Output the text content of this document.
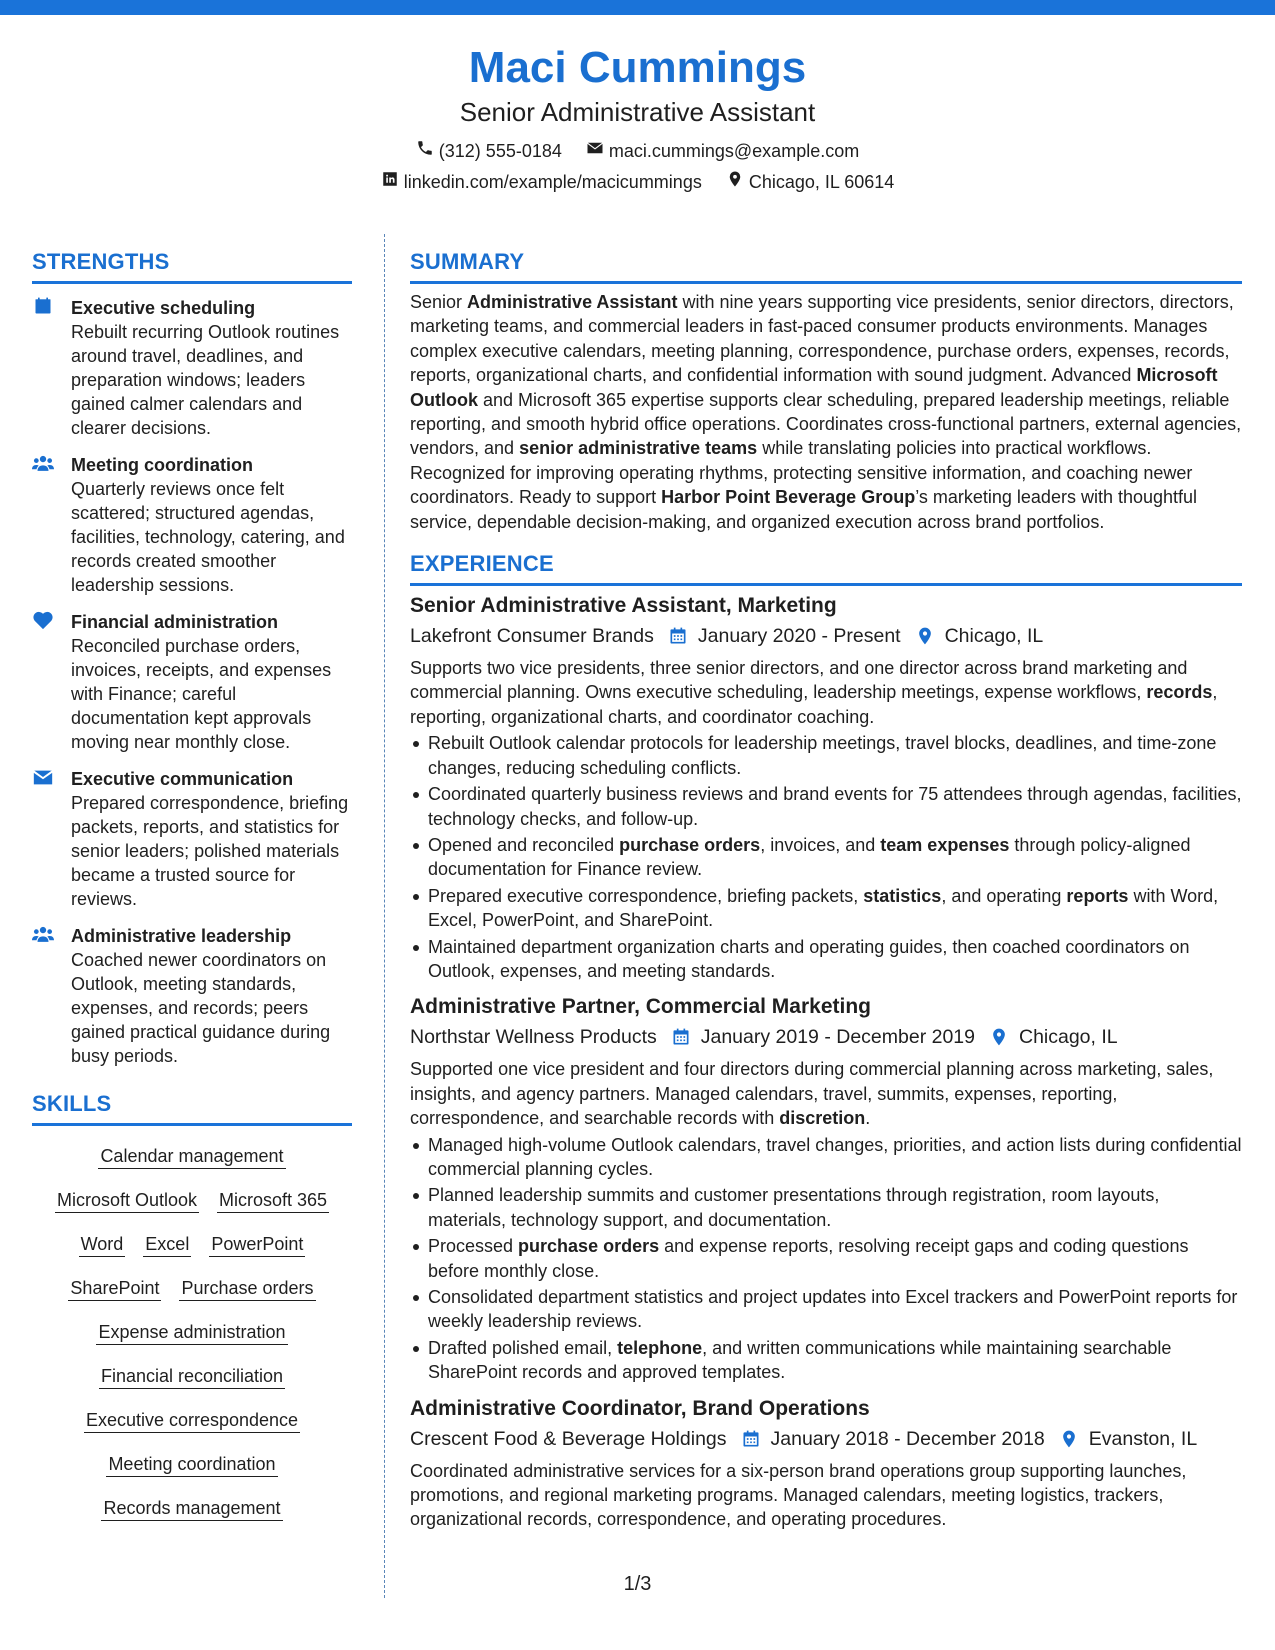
Maci Cummings
Senior Administrative Assistant
(312) 555-0184	maci.cummings@example.com
linkedin.com/example/macicummings	Chicago, IL 60614
STRENGTHS
Executive scheduling
Rebuilt recurring Outlook routines around travel, deadlines, and preparation windows; leaders gained calmer calendars and clearer decisions.
Meeting coordination
Quarterly reviews once felt scattered; structured agendas, facilities, technology, catering, and records created smoother leadership sessions.
Financial administration
Reconciled purchase orders, invoices, receipts, and expenses with Finance; careful documentation kept approvals moving near monthly close.
Executive communication
Prepared correspondence, briefing packets, reports, and statistics for senior leaders; polished materials became a trusted source for reviews.
Administrative leadership
Coached newer coordinators on Outlook, meeting standards, expenses, and records; peers gained practical guidance during busy periods.
SKILLS
Calendar management
Microsoft Outlook Microsoft 365
Word Excel PowerPoint
SharePoint Purchase orders
Expense administration
Financial reconciliation
Executive correspondence
Meeting coordination
Records management
SUMMARY
Senior Administrative Assistant with nine years supporting vice presidents, senior directors, directors, marketing teams, and commercial leaders in fast-paced consumer products environments. Manages complex executive calendars, meeting planning, correspondence, purchase orders, expenses, records, reports, organizational charts, and confidential information with sound judgment. Advanced Microsoft Outlook and Microsoft 365 expertise supports clear scheduling, prepared leadership meetings, reliable reporting, and smooth hybrid office operations. Coordinates cross-functional partners, external agencies, vendors, and senior administrative teams while translating policies into practical workflows. Recognized for improving operating rhythms, protecting sensitive information, and coaching newer coordinators. Ready to support Harbor Point Beverage Group’s marketing leaders with thoughtful service, dependable decision-making, and organized execution across brand portfolios.
EXPERIENCE
Senior Administrative Assistant, Marketing
Lakefront Consumer Brands January 2020 - Present Chicago, IL
Supports two vice presidents, three senior directors, and one director across brand marketing and commercial planning. Owns executive scheduling, leadership meetings, expense workflows, records, reporting, organizational charts, and coordinator coaching.
Rebuilt Outlook calendar protocols for leadership meetings, travel blocks, deadlines, and time-zone changes, reducing scheduling conflicts.
Coordinated quarterly business reviews and brand events for 75 attendees through agendas, facilities, technology checks, and follow-up.
Opened and reconciled purchase orders, invoices, and team expenses through policy-aligned documentation for Finance review.
Prepared executive correspondence, briefing packets, statistics, and operating reports with Word, Excel, PowerPoint, and SharePoint.
Maintained department organization charts and operating guides, then coached coordinators on Outlook, expenses, and meeting standards.
Administrative Partner, Commercial Marketing
Northstar Wellness Products January 2019 - December 2019 Chicago, IL
Supported one vice president and four directors during commercial planning across marketing, sales, insights, and agency partners. Managed calendars, travel, summits, expenses, reporting, correspondence, and searchable records with discretion.
Managed high-volume Outlook calendars, travel changes, priorities, and action lists during confidential commercial planning cycles.
Planned leadership summits and customer presentations through registration, room layouts, materials, technology support, and documentation.
Processed purchase orders and expense reports, resolving receipt gaps and coding questions before monthly close.
Consolidated department statistics and project updates into Excel trackers and PowerPoint reports for weekly leadership reviews.
Drafted polished email, telephone, and written communications while maintaining searchable SharePoint records and approved templates.
Administrative Coordinator, Brand Operations
Crescent Food & Beverage Holdings January 2018 - December 2018 Evanston, IL
Coordinated administrative services for a six-person brand operations group supporting launches, promotions, and regional marketing programs. Managed calendars, meeting logistics, trackers, organizational records, correspondence, and operating procedures.
1/3
